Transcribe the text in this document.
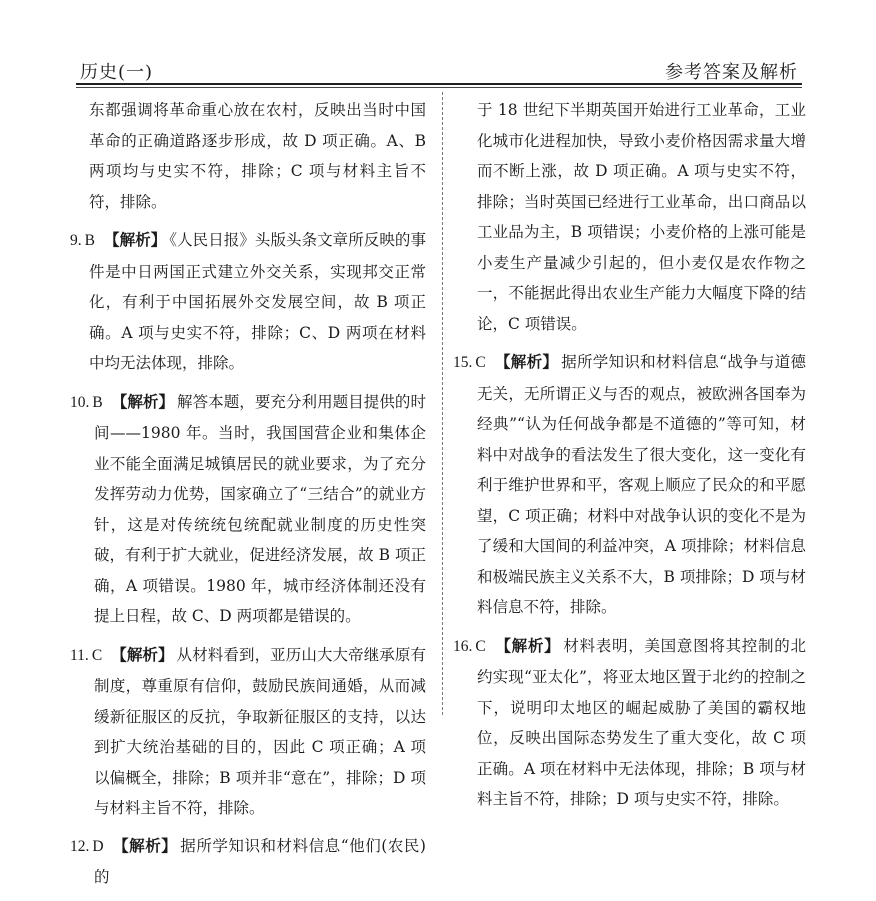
历史(一)	参考答案及解析

东都强调将革命重心放在农村，反映出当时中国革命的正确道路逐步形成，故 D 项正确。A、B 两项均与史实不符，排除；C 项与材料主旨不符，排除。

9. B 【解析】 《人民日报》头版头条文章所反映的事件是中日两国正式建立外交关系，实现邦交正常化，有利于中国拓展外交发展空间，故 B 项正确。A 项与史实不符，排除；C、D 两项在材料中均无法体现，排除。

10. B 【解析】 解答本题，要充分利用题目提供的时间——1980 年。当时，我国国营企业和集体企业不能全面满足城镇居民的就业要求，为了充分发挥劳动力优势，国家确立了“三结合”的就业方针，这是对传统统包统配就业制度的历史性突破，有利于扩大就业，促进经济发展，故 B 项正确，A 项错误。1980 年，城市经济体制还没有提上日程，故 C、D 两项都是错误的。

11. C 【解析】 从材料看到，亚历山大大帝继承原有制度，尊重原有信仰，鼓励民族间通婚，从而减缓新征服区的反抗，争取新征服区的支持，以达到扩大统治基础的目的，因此 C 项正确；A 项以偏概全，排除；B 项并非“意在”，排除；D 项与材料主旨不符，排除。

12. D 【解析】 据所学知识和材料信息“他们(农民)的

于 18 世纪下半期英国开始进行工业革命，工业化城市化进程加快，导致小麦价格因需求量大增而不断上涨，故 D 项正确。A 项与史实不符，排除；当时英国已经进行工业革命，出口商品以工业品为主，B 项错误；小麦价格的上涨可能是小麦生产量减少引起的，但小麦仅是农作物之一，不能据此得出农业生产能力大幅度下降的结论，C 项错误。

15. C 【解析】 据所学知识和材料信息“战争与道德无关，无所谓正义与否的观点，被欧洲各国奉为经典”“认为任何战争都是不道德的”等可知，材料中对战争的看法发生了很大变化，这一变化有利于维护世界和平，客观上顺应了民众的和平愿望，C 项正确；材料中对战争认识的变化不是为了缓和大国间的利益冲突，A 项排除；材料信息和极端民族主义关系不大，B 项排除；D 项与材料信息不符，排除。

16. C 【解析】 材料表明，美国意图将其控制的北约实现“亚太化”，将亚太地区置于北约的控制之下，说明印太地区的崛起威胁了美国的霸权地位，反映出国际态势发生了重大变化，故 C 项正确。A 项在材料中无法体现，排除；B 项与材料主旨不符，排除；D 项与史实不符，排除。
